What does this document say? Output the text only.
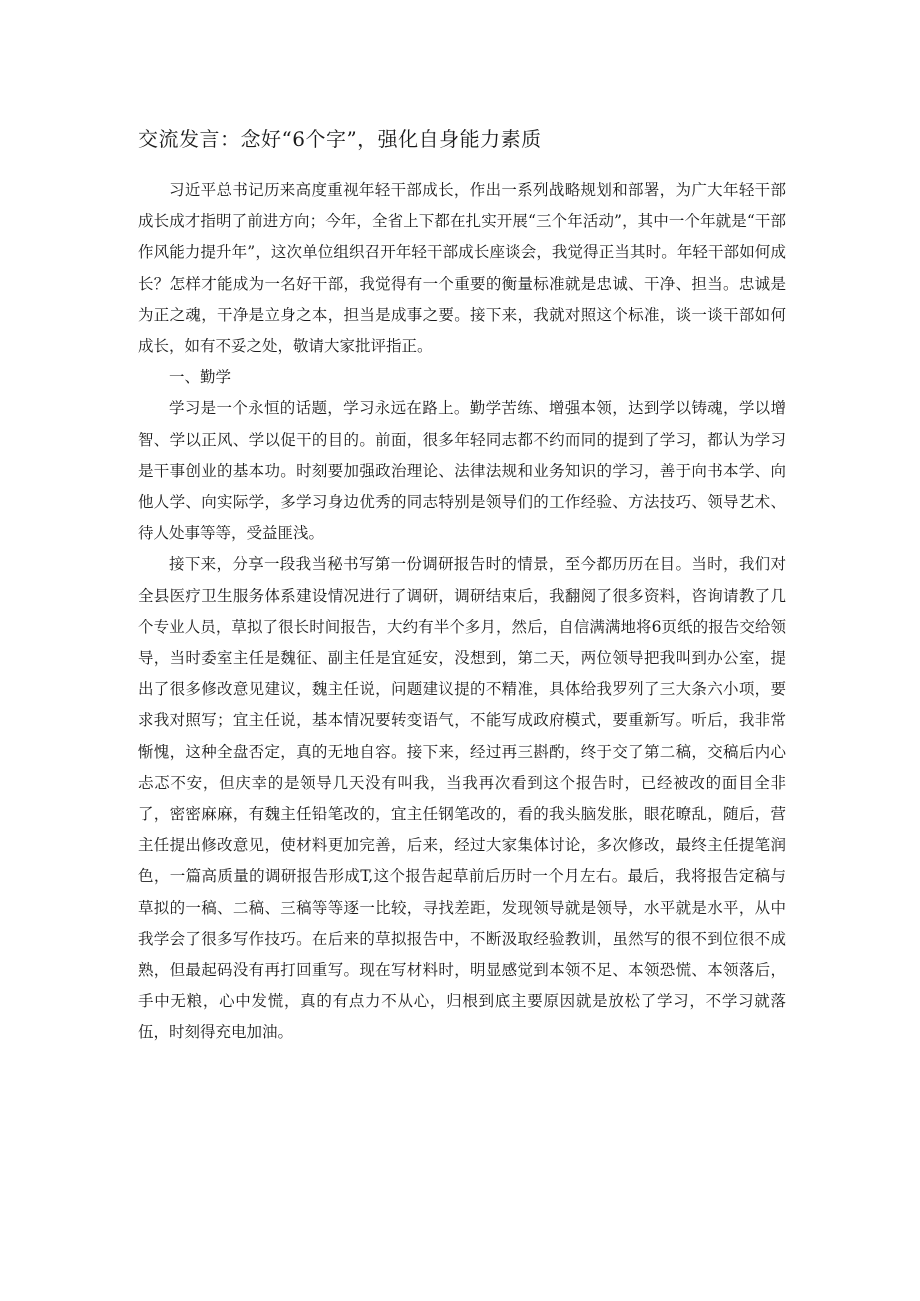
交流发言：念好“6个字”，强化自身能力素质

习近平总书记历来高度重视年轻干部成长，作出一系列战略规划和部署，为广大年轻干部成长成才指明了前进方向；今年，全省上下都在扎实开展“三个年活动”，其中一个年就是“干部作风能力提升年”，这次单位组织召开年轻干部成长座谈会，我觉得正当其时。年轻干部如何成长？怎样才能成为一名好干部，我觉得有一个重要的衡量标准就是忠诚、干净、担当。忠诚是为正之魂，干净是立身之本，担当是成事之要。接下来，我就对照这个标准，谈一谈干部如何成长，如有不妥之处，敬请大家批评指正。

一、勤学

学习是一个永恒的话题，学习永远在路上。勤学苦练、增强本领，达到学以铸魂，学以增智、学以正风、学以促干的目的。前面，很多年轻同志都不约而同的提到了学习，都认为学习是干事创业的基本功。时刻要加强政治理论、法律法规和业务知识的学习，善于向书本学、向他人学、向实际学，多学习身边优秀的同志特别是领导们的工作经验、方法技巧、领导艺术、待人处事等等，受益匪浅。

接下来，分享一段我当秘书写第一份调研报告时的情景，至今都历历在目。当时，我们对全县医疗卫生服务体系建设情况进行了调研，调研结束后，我翻阅了很多资料，咨询请教了几个专业人员，草拟了很长时间报告，大约有半个多月，然后，自信满满地将6页纸的报告交给领导，当时委室主任是魏征、副主任是宜延安，没想到，第二天，两位领导把我叫到办公室，提出了很多修改意见建议，魏主任说，问题建议提的不精准，具体给我罗列了三大条六小项，要求我对照写；宜主任说，基本情况要转变语气，不能写成政府模式，要重新写。听后，我非常惭愧，这种全盘否定，真的无地自容。接下来，经过再三斟酌，终于交了第二稿，交稿后内心忐忑不安，但庆幸的是领导几天没有叫我，当我再次看到这个报告时，已经被改的面目全非了，密密麻麻，有魏主任铅笔改的，宜主任钢笔改的，看的我头脑发胀，眼花暸乱，随后，营主任提出修改意见，使材料更加完善，后来，经过大家集体讨论，多次修改，最终主任提笔润色，一篇高质量的调研报告形成T,这个报告起草前后历时一个月左右。最后，我将报告定稿与草拟的一稿、二稿、三稿等等逐一比较，寻找差距，发现领导就是领导，水平就是水平，从中我学会了很多写作技巧。在后来的草拟报告中，不断汲取经验教训，虽然写的很不到位很不成熟，但最起码没有再打回重写。现在写材料时，明显感觉到本领不足、本领恐慌、本领落后，手中无粮，心中发慌，真的有点力不从心，归根到底主要原因就是放松了学习，不学习就落伍，时刻得充电加油。
